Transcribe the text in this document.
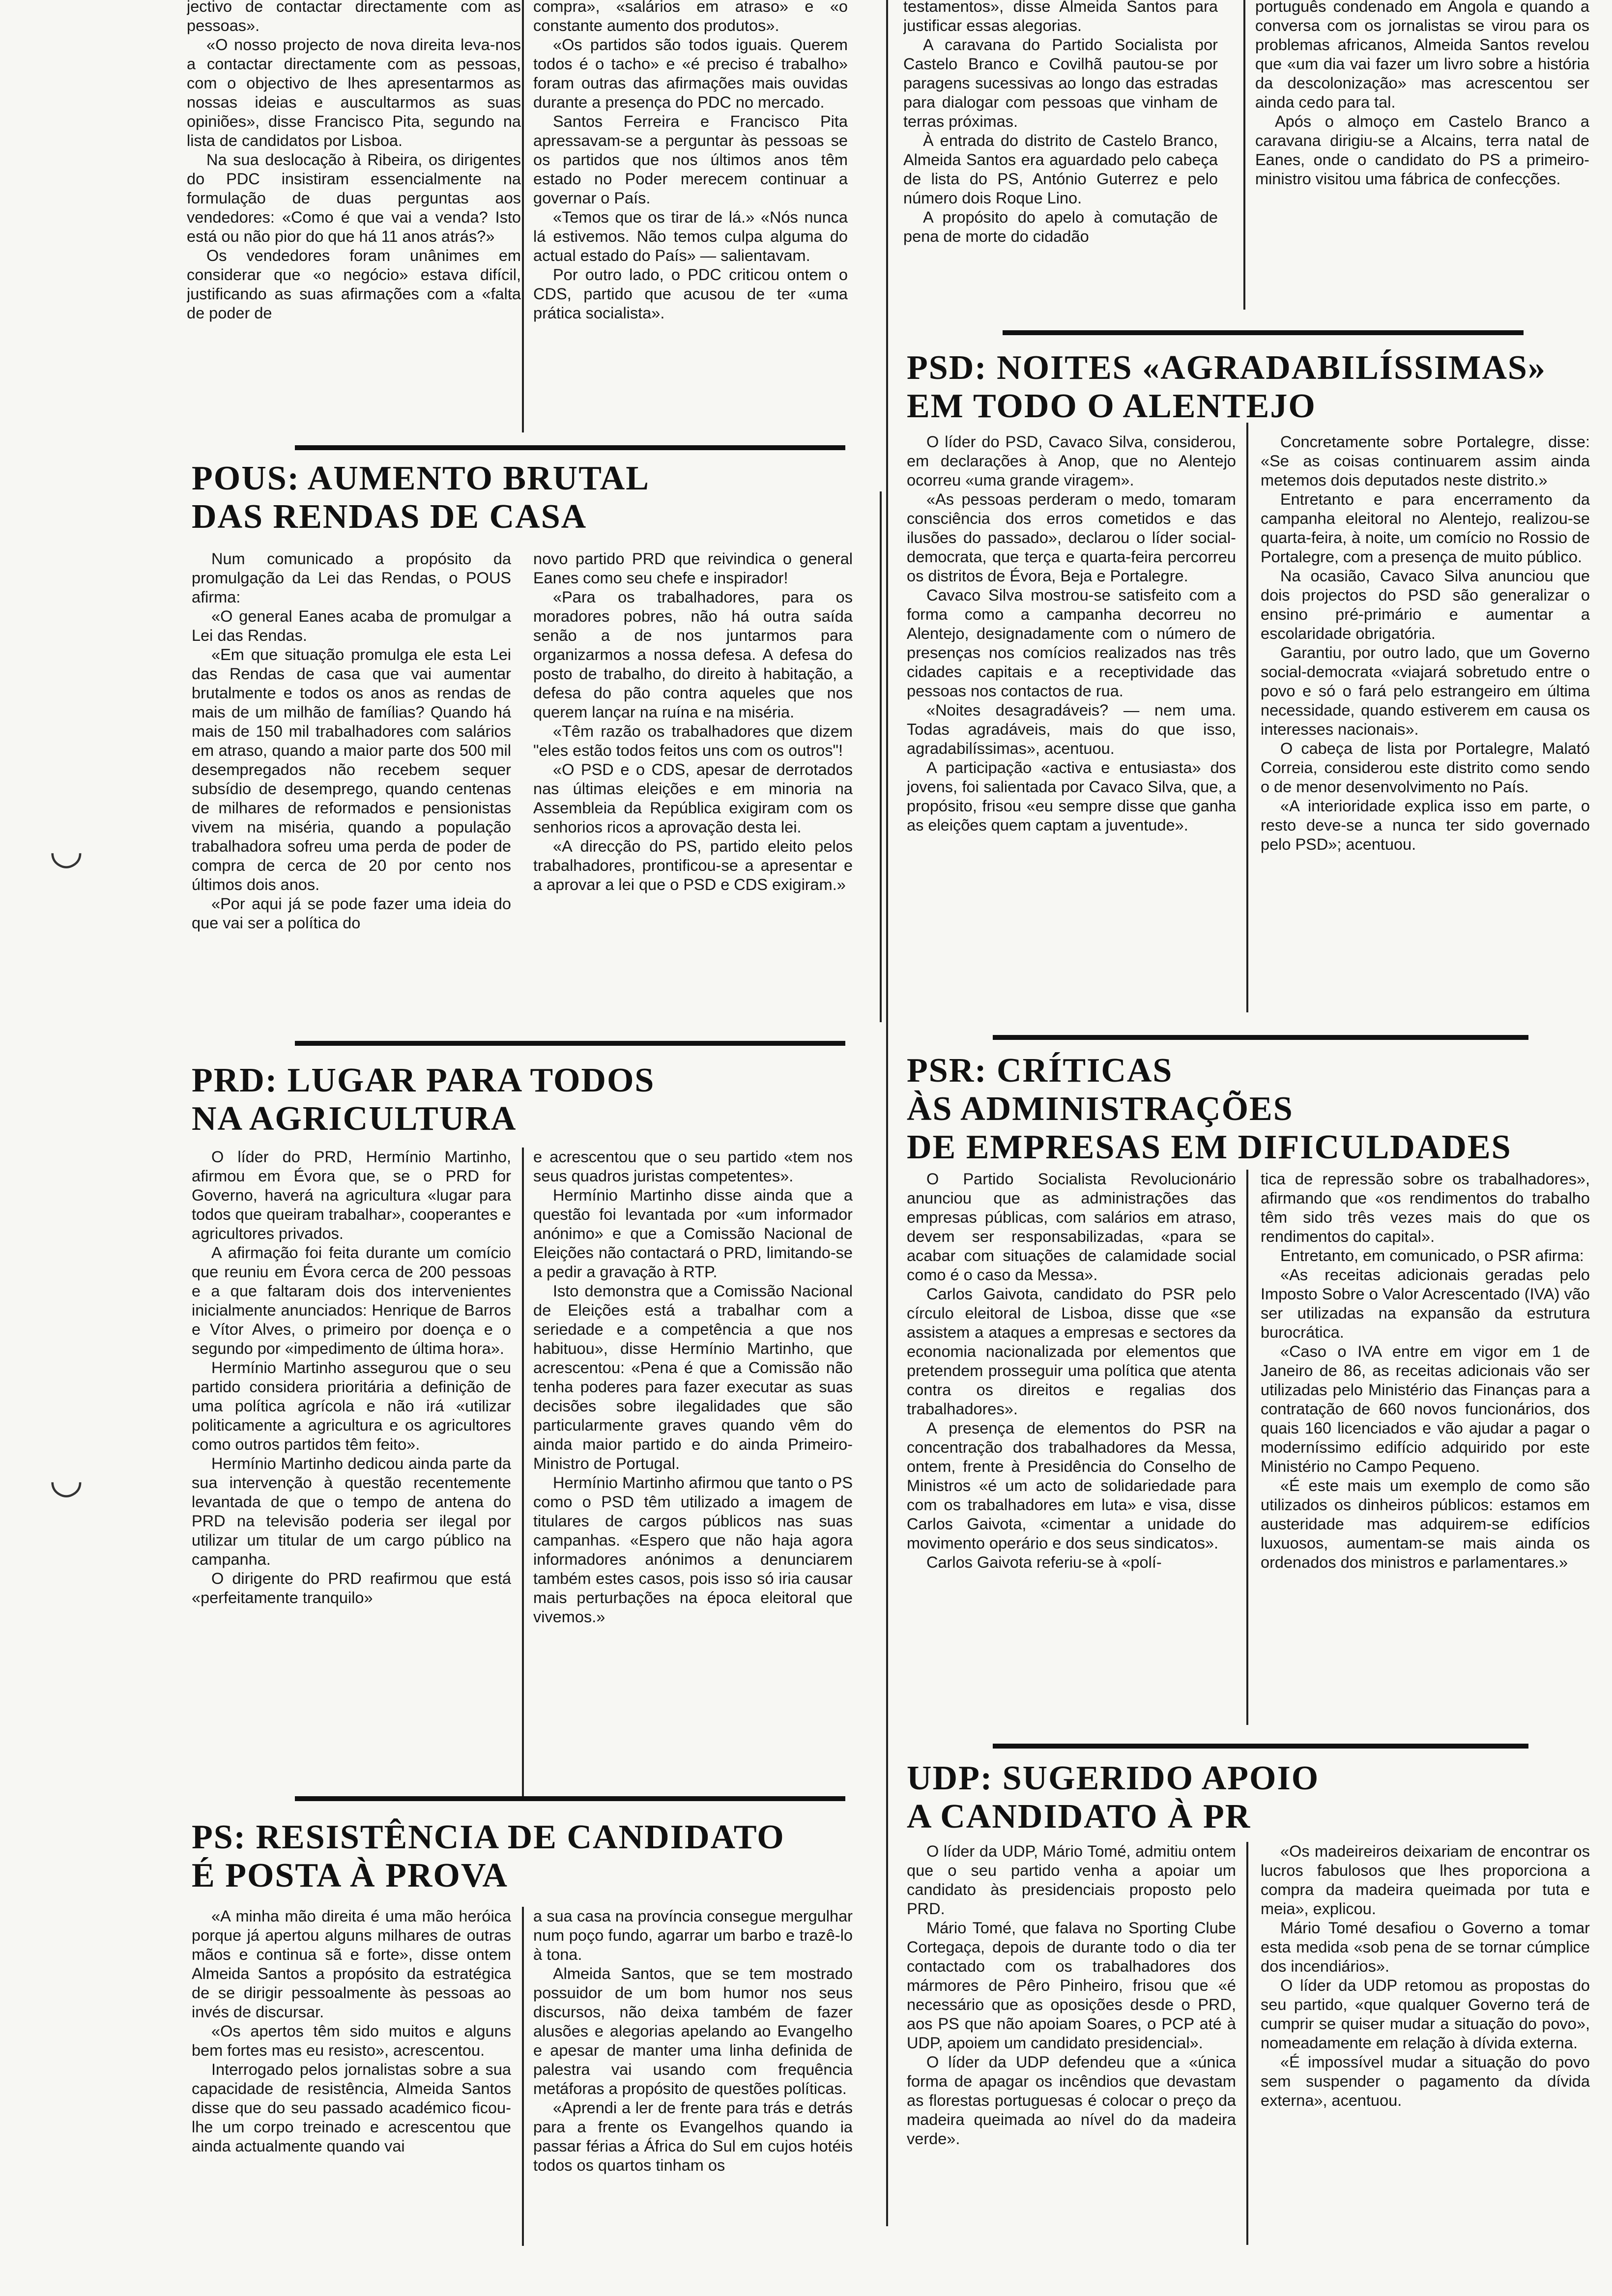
jectivo de contactar directamente com as pessoas».

«O nosso projecto de nova direita leva-nos a contactar directamente com as pessoas, com o objectivo de lhes apresentarmos as nossas ideias e auscultarmos as suas opiniões», disse Francisco Pita, segundo na lista de candidatos por Lisboa.

Na sua deslocação à Ribeira, os dirigentes do PDC insistiram essencialmente na formulação de duas perguntas aos vendedores: «Como é que vai a venda? Isto está ou não pior do que há 11 anos atrás?»

Os vendedores foram unânimes em considerar que «o negócio» estava difícil, justificando as suas afirmações com a «falta de poder de

compra», «salários em atraso» e «o constante aumento dos produtos».

«Os partidos são todos iguais. Querem todos é o tacho» e «é preciso é trabalho» foram outras das afirmações mais ouvidas durante a presença do PDC no mercado.

Santos Ferreira e Francisco Pita apressavam-se a perguntar às pessoas se os partidos que nos últimos anos têm estado no Poder merecem continuar a governar o País.

«Temos que os tirar de lá.» «Nós nunca lá estivemos. Não temos culpa alguma do actual estado do País» — salientavam.

Por outro lado, o PDC criticou ontem o CDS, partido que acusou de ter «uma prática socialista».

testamentos», disse Almeida Santos para justificar essas alegorias.

A caravana do Partido Socialista por Castelo Branco e Covilhã pautou-se por paragens sucessivas ao longo das estradas para dialogar com pessoas que vinham de terras próximas.

À entrada do distrito de Castelo Branco, Almeida Santos era aguardado pelo cabeça de lista do PS, António Guterrez e pelo número dois Roque Lino.

A propósito do apelo à comutação de pena de morte do cidadão

português condenado em Angola e quando a conversa com os jornalistas se virou para os problemas africanos, Almeida Santos revelou que «um dia vai fazer um livro sobre a história da descolonização» mas acrescentou ser ainda cedo para tal.

Após o almoço em Castelo Branco a caravana dirigiu-se a Alcains, terra natal de Eanes, onde o candidato do PS a primeiro-ministro visitou uma fábrica de confecções.

POUS: AUMENTO BRUTAL
DAS RENDAS DE CASA

Num comunicado a propósito da promulgação da Lei das Rendas, o POUS afirma:

«O general Eanes acaba de promulgar a Lei das Rendas.

«Em que situação promulga ele esta Lei das Rendas de casa que vai aumentar brutalmente e todos os anos as rendas de mais de um milhão de famílias? Quando há mais de 150 mil trabalhadores com salários em atraso, quando a maior parte dos 500 mil desempregados não recebem sequer subsídio de desemprego, quando centenas de milhares de reformados e pensionistas vivem na miséria, quando a população trabalhadora sofreu uma perda de poder de compra de cerca de 20 por cento nos últimos dois anos.

«Por aqui já se pode fazer uma ideia do que vai ser a política do

novo partido PRD que reivindica o general Eanes como seu chefe e inspirador!

«Para os trabalhadores, para os moradores pobres, não há outra saída senão a de nos juntarmos para organizarmos a nossa defesa. A defesa do posto de trabalho, do direito à habitação, a defesa do pão contra aqueles que nos querem lançar na ruína e na miséria.

«Têm razão os trabalhadores que dizem "eles estão todos feitos uns com os outros"!

«O PSD e o CDS, apesar de derrotados nas últimas eleições e em minoria na Assembleia da República exigiram com os senhorios ricos a aprovação desta lei.

«A direcção do PS, partido eleito pelos trabalhadores, prontificou-se a apresentar e a aprovar a lei que o PSD e CDS exigiram.»

PSD: NOITES «AGRADABILÍSSIMAS»
EM TODO O ALENTEJO

O líder do PSD, Cavaco Silva, considerou, em declarações à Anop, que no Alentejo ocorreu «uma grande viragem».

«As pessoas perderam o medo, tomaram consciência dos erros cometidos e das ilusões do passado», declarou o líder social-democrata, que terça e quarta-feira percorreu os distritos de Évora, Beja e Portalegre.

Cavaco Silva mostrou-se satisfeito com a forma como a campanha decorreu no Alentejo, designadamente com o número de presenças nos comícios realizados nas três cidades capitais e a receptividade das pessoas nos contactos de rua.

«Noites desagradáveis? — nem uma. Todas agradáveis, mais do que isso, agradabilíssimas», acentuou.

A participação «activa e entusiasta» dos jovens, foi salientada por Cavaco Silva, que, a propósito, frisou «eu sempre disse que ganha as eleições quem captam a juventude».

Concretamente sobre Portalegre, disse: «Se as coisas continuarem assim ainda metemos dois deputados neste distrito.»

Entretanto e para encerramento da campanha eleitoral no Alentejo, realizou-se quarta-feira, à noite, um comício no Rossio de Portalegre, com a presença de muito público.

Na ocasião, Cavaco Silva anunciou que dois projectos do PSD são generalizar o ensino pré-primário e aumentar a escolaridade obrigatória.

Garantiu, por outro lado, que um Governo social-democrata «viajará sobretudo entre o povo e só o fará pelo estrangeiro em última necessidade, quando estiverem em causa os interesses nacionais».

O cabeça de lista por Portalegre, Malató Correia, considerou este distrito como sendo o de menor desenvolvimento no País.

«A interioridade explica isso em parte, o resto deve-se a nunca ter sido governado pelo PSD»; acentuou.

PRD: LUGAR PARA TODOS
NA AGRICULTURA

O líder do PRD, Hermínio Martinho, afirmou em Évora que, se o PRD for Governo, haverá na agricultura «lugar para todos que queiram trabalhar», cooperantes e agricultores privados.

A afirmação foi feita durante um comício que reuniu em Évora cerca de 200 pessoas e a que faltaram dois dos intervenientes inicialmente anunciados: Henrique de Barros e Vítor Alves, o primeiro por doença e o segundo por «impedimento de última hora».

Hermínio Martinho assegurou que o seu partido considera prioritária a definição de uma política agrícola e não irá «utilizar politicamente a agricultura e os agricultores como outros partidos têm feito».

Hermínio Martinho dedicou ainda parte da sua intervenção à questão recentemente levantada de que o tempo de antena do PRD na televisão poderia ser ilegal por utilizar um titular de um cargo público na campanha.

O dirigente do PRD reafirmou que está «perfeitamente tranquilo»

e acrescentou que o seu partido «tem nos seus quadros juristas competentes».

Hermínio Martinho disse ainda que a questão foi levantada por «um informador anónimo» e que a Comissão Nacional de Eleições não contactará o PRD, limitando-se a pedir a gravação à RTP.

Isto demonstra que a Comissão Nacional de Eleições está a trabalhar com a seriedade e a competência a que nos habituou», disse Hermínio Martinho, que acrescentou: «Pena é que a Comissão não tenha poderes para fazer executar as suas decisões sobre ilegalidades que são particularmente graves quando vêm do ainda maior partido e do ainda Primeiro-Ministro de Portugal.

Hermínio Martinho afirmou que tanto o PS como o PSD têm utilizado a imagem de titulares de cargos públicos nas suas campanhas. «Espero que não haja agora informadores anónimos a denunciarem também estes casos, pois isso só iria causar mais perturbações na época eleitoral que vivemos.»

PSR: CRÍTICAS
ÀS ADMINISTRAÇÕES
DE EMPRESAS EM DIFICULDADES

O Partido Socialista Revolucionário anunciou que as administrações das empresas públicas, com salários em atraso, devem ser responsabilizadas, «para se acabar com situações de calamidade social como é o caso da Messa».

Carlos Gaivota, candidato do PSR pelo círculo eleitoral de Lisboa, disse que «se assistem a ataques a empresas e sectores da economia nacionalizada por elementos que pretendem prosseguir uma política que atenta contra os direitos e regalias dos trabalhadores».

A presença de elementos do PSR na concentração dos trabalhadores da Messa, ontem, frente à Presidência do Conselho de Ministros «é um acto de solidariedade para com os trabalhadores em luta» e visa, disse Carlos Gaivota, «cimentar a unidade do movimento operário e dos seus sindicatos».

Carlos Gaivota referiu-se à «polí-

tica de repressão sobre os trabalhadores», afirmando que «os rendimentos do trabalho têm sido três vezes mais do que os rendimentos do capital».

Entretanto, em comunicado, o PSR afirma:

«As receitas adicionais geradas pelo Imposto Sobre o Valor Acrescentado (IVA) vão ser utilizadas na expansão da estrutura burocrática.

«Caso o IVA entre em vigor em 1 de Janeiro de 86, as receitas adicionais vão ser utilizadas pelo Ministério das Finanças para a contratação de 660 novos funcionários, dos quais 160 licenciados e vão ajudar a pagar o moderníssimo edifício adquirido por este Ministério no Campo Pequeno.

«É este mais um exemplo de como são utilizados os dinheiros públicos: estamos em austeridade mas adquirem-se edifícios luxuosos, aumentam-se mais ainda os ordenados dos ministros e parlamentares.»

PS: RESISTÊNCIA DE CANDIDATO
É POSTA À PROVA

«A minha mão direita é uma mão heróica porque já apertou alguns milhares de outras mãos e continua sã e forte», disse ontem Almeida Santos a propósito da estratégica de se dirigir pessoalmente às pessoas ao invés de discursar.

«Os apertos têm sido muitos e alguns bem fortes mas eu resisto», acrescentou.

Interrogado pelos jornalistas sobre a sua capacidade de resistência, Almeida Santos disse que do seu passado académico ficou-lhe um corpo treinado e acrescentou que ainda actualmente quando vai

a sua casa na província consegue mergulhar num poço fundo, agarrar um barbo e trazê-lo à tona.

Almeida Santos, que se tem mostrado possuidor de um bom humor nos seus discursos, não deixa também de fazer alusões e alegorias apelando ao Evangelho e apesar de manter uma linha definida de palestra vai usando com frequência metáforas a propósito de questões políticas.

«Aprendi a ler de frente para trás e detrás para a frente os Evangelhos quando ia passar férias a África do Sul em cujos hotéis todos os quartos tinham os

UDP: SUGERIDO APOIO
A CANDIDATO À PR

O líder da UDP, Mário Tomé, admitiu ontem que o seu partido venha a apoiar um candidato às presidenciais proposto pelo PRD.

Mário Tomé, que falava no Sporting Clube Cortegaça, depois de durante todo o dia ter contactado com os trabalhadores dos mármores de Pêro Pinheiro, frisou que «é necessário que as oposições desde o PRD, aos PS que não apoiam Soares, o PCP até à UDP, apoiem um candidato presidencial».

O líder da UDP defendeu que a «única forma de apagar os incêndios que devastam as florestas portuguesas é colocar o preço da madeira queimada ao nível do da madeira verde».

«Os madeireiros deixariam de encontrar os lucros fabulosos que lhes proporciona a compra da madeira queimada por tuta e meia», explicou.

Mário Tomé desafiou o Governo a tomar esta medida «sob pena de se tornar cúmplice dos incendiários».

O líder da UDP retomou as propostas do seu partido, «que qualquer Governo terá de cumprir se quiser mudar a situação do povo», nomeadamente em relação à dívida externa.

«É impossível mudar a situação do povo sem suspender o pagamento da dívida externa», acentuou.

◡
◡
